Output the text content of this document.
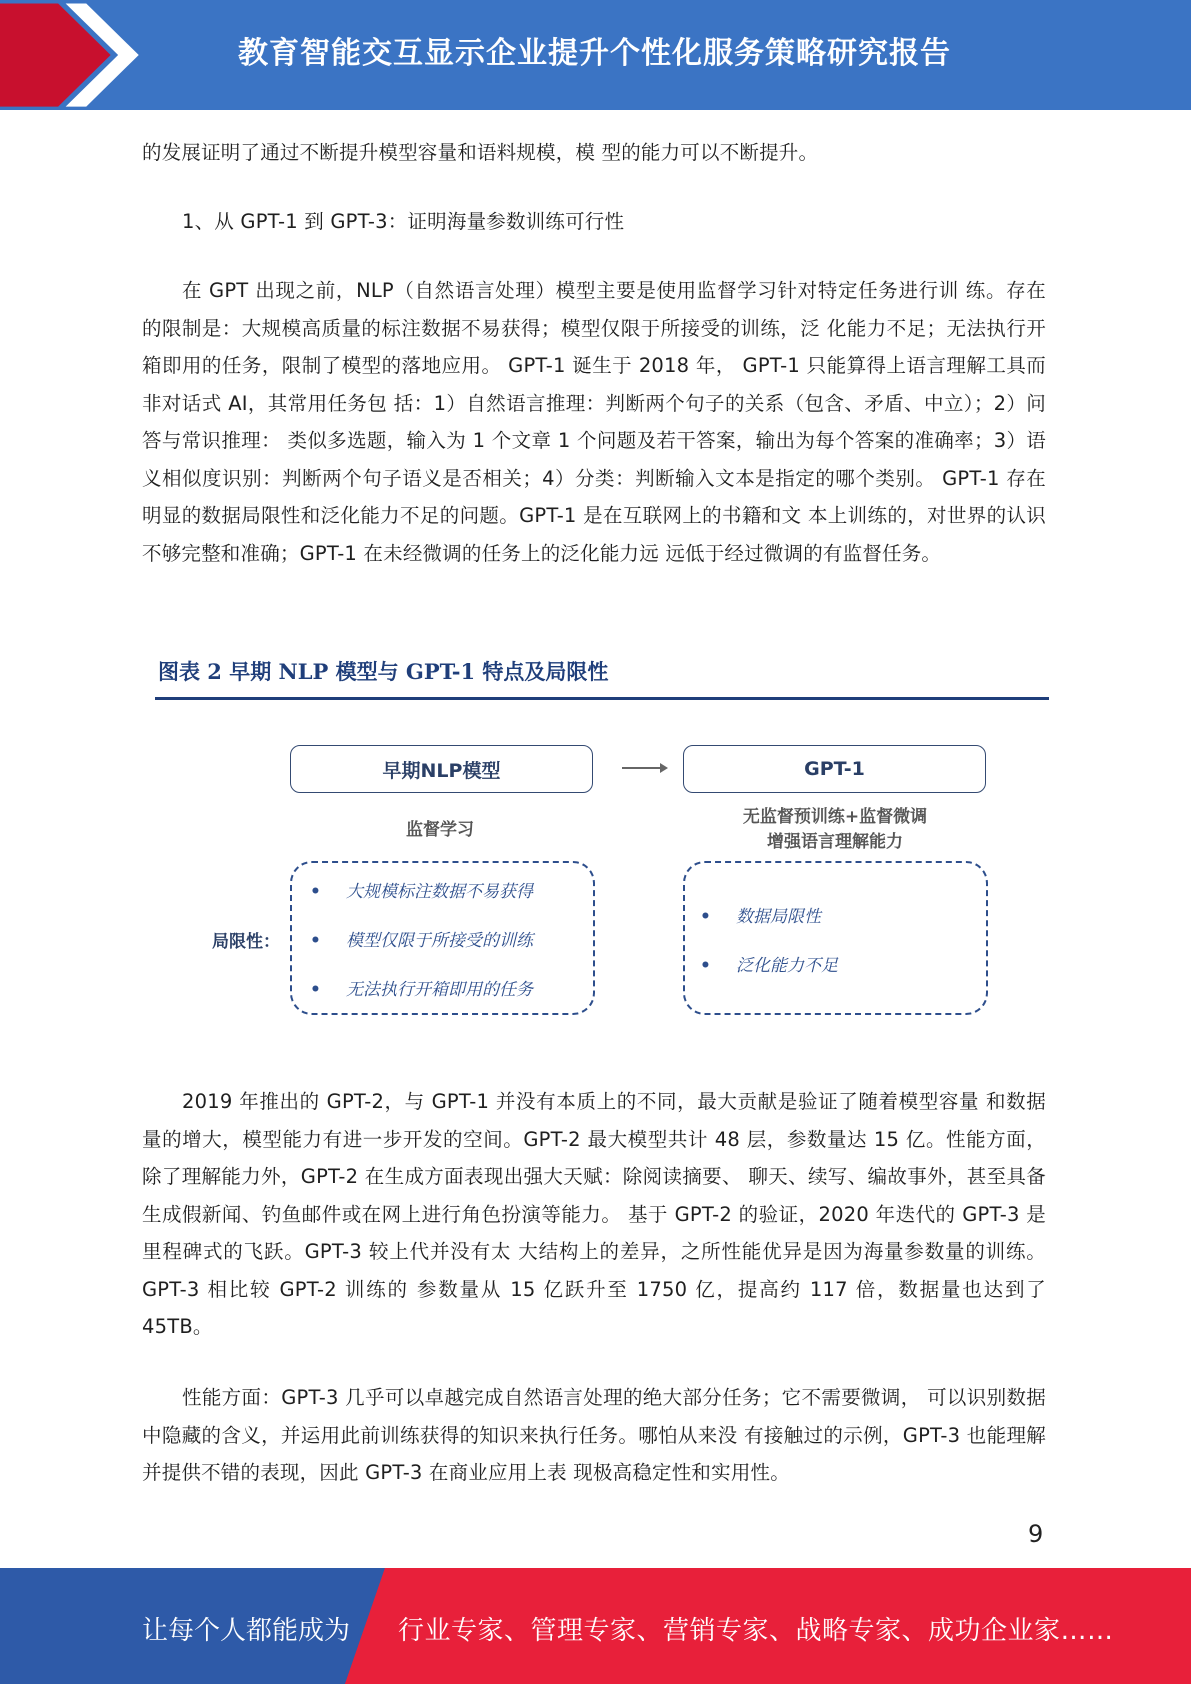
教育智能交互显示企业提升个性化服务策略研究报告
的发展证明了通过不断提升模型容量和语料规模，模 型的能力可以不断提升。
1、从 GPT-1 到 GPT-3：证明海量参数训练可行性
在 GPT 出现之前，NLP（自然语言处理）模型主要是使用监督学习针对特定任务进行训 练。存在的限制是：大规模高质量的标注数据不易获得；模型仅限于所接受的训练，泛 化能力不足；无法执行开箱即用的任务，限制了模型的落地应用。 GPT-1 诞生于 2018 年， GPT-1 只能算得上语言理解工具而非对话式 AI，其常用任务包 括：1）自然语言推理：判断两个句子的关系（包含、矛盾、中立）；2）问答与常识推理： 类似多选题，输入为 1 个文章 1 个问题及若干答案，输出为每个答案的准确率；3）语义相似度识别：判断两个句子语义是否相关；4）分类：判断输入文本是指定的哪个类别。 GPT-1 存在明显的数据局限性和泛化能力不足的问题。GPT-1 是在互联网上的书籍和文 本上训练的，对世界的认识不够完整和准确；GPT-1 在未经微调的任务上的泛化能力远 远低于经过微调的有监督任务。
图表 2 早期 NLP 模型与 GPT-1 特点及局限性
早期NLP模型	GPT-1
监督学习
无监督预训练+监督微调
增强语言理解能力
局限性：
• 大规模标注数据不易获得
• 模型仅限于所接受的训练
• 无法执行开箱即用的任务
• 数据局限性
• 泛化能力不足
2019 年推出的 GPT-2，与 GPT-1 并没有本质上的不同，最大贡献是验证了随着模型容量 和数据量的增大，模型能力有进一步开发的空间。GPT-2 最大模型共计 48 层，参数量达 15 亿。性能方面，除了理解能力外，GPT-2 在生成方面表现出强大天赋：除阅读摘要、 聊天、续写、编故事外，甚至具备生成假新闻、钓鱼邮件或在网上进行角色扮演等能力。 基于 GPT-2 的验证，2020 年迭代的 GPT-3 是里程碑式的飞跃。GPT-3 较上代并没有太 大结构上的差异，之所性能优异是因为海量参数量的训练。GPT-3 相比较 GPT-2 训练的 参数量从 15 亿跃升至 1750 亿，提高约 117 倍，数据量也达到了 45TB。
性能方面：GPT-3 几乎可以卓越完成自然语言处理的绝大部分任务；它不需要微调， 可以识别数据中隐藏的含义，并运用此前训练获得的知识来执行任务。哪怕从来没 有接触过的示例，GPT-3 也能理解并提供不错的表现，因此 GPT-3 在商业应用上表 现极高稳定性和实用性。
9
让每个人都能成为 行业专家、管理专家、营销专家、战略专家、成功企业家……
